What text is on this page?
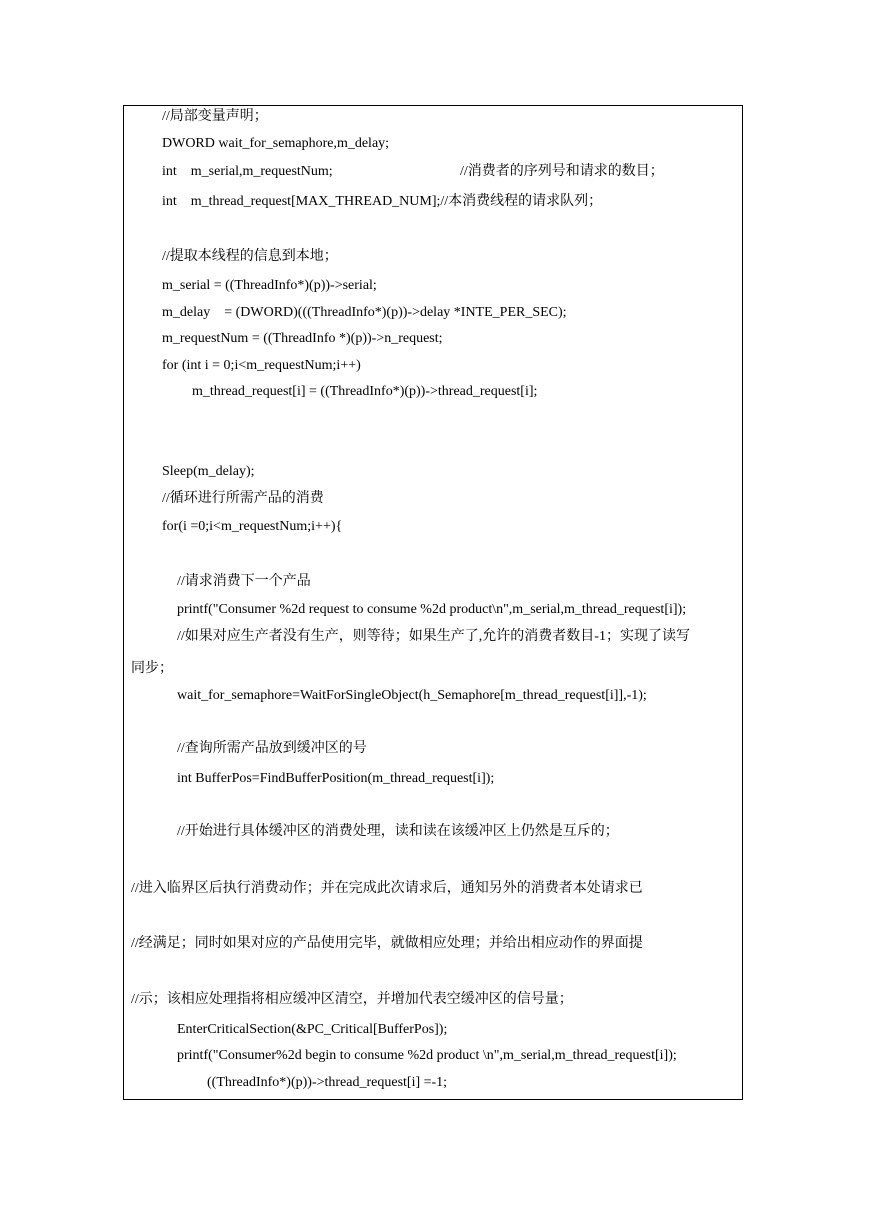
//局部变量声明；
DWORD wait_for_semaphore,m_delay;
int    m_serial,m_requestNum;	//消费者的序列号和请求的数目；
int    m_thread_request[MAX_THREAD_NUM];//本消费线程的请求队列；
//提取本线程的信息到本地；
m_serial = ((ThreadInfo*)(p))->serial;
m_delay    = (DWORD)(((ThreadInfo*)(p))->delay *INTE_PER_SEC);
m_requestNum = ((ThreadInfo *)(p))->n_request;
for (int i = 0;i<m_requestNum;i++)
m_thread_request[i] = ((ThreadInfo*)(p))->thread_request[i];
Sleep(m_delay);
//循环进行所需产品的消费
for(i =0;i<m_requestNum;i++){
//请求消费下一个产品
printf("Consumer %2d request to consume %2d product\n",m_serial,m_thread_request[i]);
//如果对应生产者没有生产，则等待；如果生产了,允许的消费者数目-1；实现了读写
同步；
wait_for_semaphore=WaitForSingleObject(h_Semaphore[m_thread_request[i]],-1);
//查询所需产品放到缓冲区的号
int BufferPos=FindBufferPosition(m_thread_request[i]);
//开始进行具体缓冲区的消费处理，读和读在该缓冲区上仍然是互斥的；
//进入临界区后执行消费动作；并在完成此次请求后，通知另外的消费者本处请求已
//经满足；同时如果对应的产品使用完毕，就做相应处理；并给出相应动作的界面提
//示；该相应处理指将相应缓冲区清空，并增加代表空缓冲区的信号量；
EnterCriticalSection(&PC_Critical[BufferPos]);
printf("Consumer%2d begin to consume %2d product \n",m_serial,m_thread_request[i]);
((ThreadInfo*)(p))->thread_request[i] =-1;
